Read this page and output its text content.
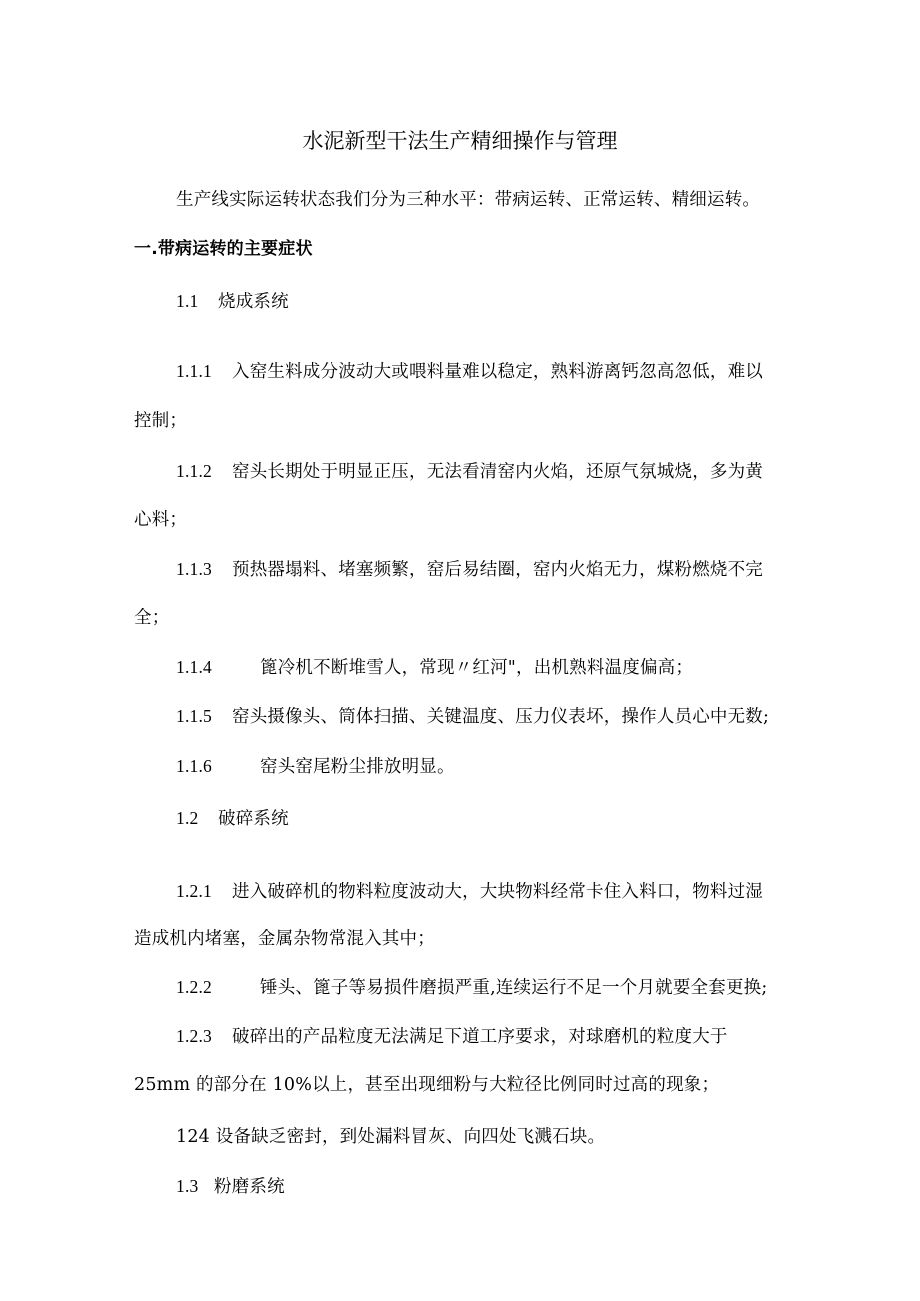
水泥新型干法生产精细操作与管理
生产线实际运转状态我们分为三种水平：带病运转、正常运转、精细运转。
一.带病运转的主要症状
1.1 烧成系统
1.1.1 入窑生料成分波动大或喂料量难以稳定，熟料游离钙忽高忽低，难以
控制；
1.1.2 窑头长期处于明显正压，无法看清窑内火焰，还原气氛城烧，多为黄
心料；
1.1.3 预热器塌料、堵塞频繁，窑后易结圈，窑内火焰无力，煤粉燃烧不完
全；
1.1.4	篦冷机不断堆雪人，常现〃红河"，出机熟料温度偏高；
1.1.5 窑头摄像头、筒体扫描、关键温度、压力仪表坏，操作人员心中无数;
1.1.6	窑头窑尾粉尘排放明显。
1.2 破碎系统
1.2.1 进入破碎机的物料粒度波动大，大块物料经常卡住入料口，物料过湿
造成机内堵塞，金属杂物常混入其中；
1.2.2	锤头、篦子等易损件磨损严重,连续运行不足一个月就要全套更换;
1.2.3 破碎出的产品粒度无法满足下道工序要求，对球磨机的粒度大于
25mm 的部分在 10%以上，甚至出现细粉与大粒径比例同时过高的现象；
124 设备缺乏密封，到处漏料冒灰、向四处飞溅石块。
1.3 粉磨系统
